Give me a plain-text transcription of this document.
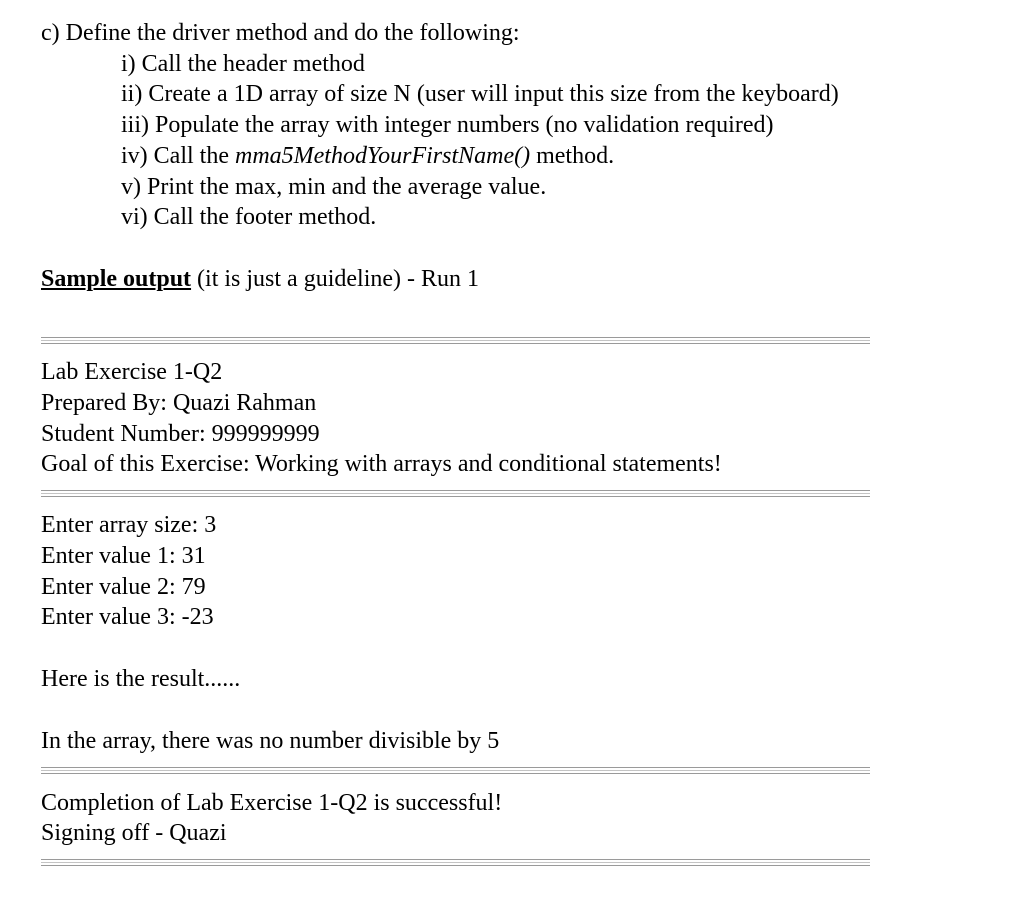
c) Define the driver method and do the following:

i) Call the header method

ii) Create a 1D array of size N (user will input this size from the keyboard)

iii) Populate the array with integer numbers (no validation required)

iv) Call the mma5MethodYourFirstName() method.

v) Print the max, min and the average value.

vi) Call the footer method.

Sample output (it is just a guideline) - Run 1

Lab Exercise 1-Q2

Prepared By: Quazi Rahman

Student Number: 999999999

Goal of this Exercise: Working with arrays and conditional statements!

Enter array size: 3

Enter value 1: 31

Enter value 2: 79

Enter value 3: -23

Here is the result......

In the array, there was no number divisible by 5

Completion of Lab Exercise 1-Q2 is successful!

Signing off - Quazi
